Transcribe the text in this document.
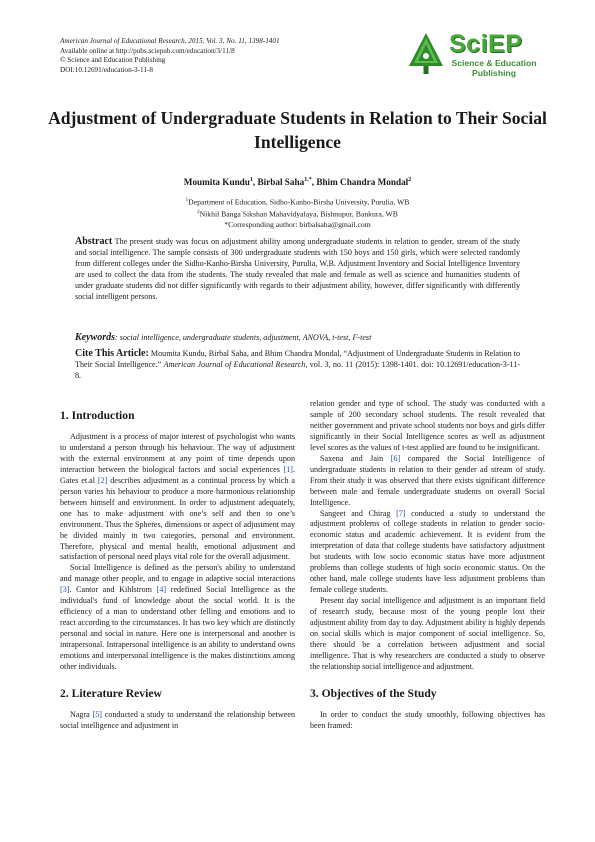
American Journal of Educational Research, 2015, Vol. 3, No. 11, 1398-1401
Available online at http://pubs.sciepub.com/education/3/11/8
© Science and Education Publishing
DOI:10.12691/education-3-11-8
SciEP
Science & Education
Publishing
Adjustment of Undergraduate Students in Relation to Their Social Intelligence
Moumita Kundu$^1$, Birbal Saha$^{1,*}$, Bhim Chandra Mondal$^2$
$^1$Department of Education, Sidho-Kanho-Birsha University, Purulia, WB
$^2$Nikhil Banga Sikshan Mahavidyalaya, Bishnupur, Bankura, WB
*Corresponding author: birbalsaha@gmail.com
Abstract The present study was focus on adjustment ability among undergraduate students in relation to gender, stream of the study and social intelligence. The sample consists of 300 undergraduate students with 150 boys and 150 girls, which were selected randomly from different colleges under the Sidho-Kanho-Birsha University, Purulia, W.B. Adjustment Inventory and Social Intelligence Inventory are used to collect the data from the students. The study revealed that male and female as well as science and humanities students of under graduate students did not differ significantly with regards to their adjustment ability, however, differ significantly with differently social intelligent persons.
Keywords: social intelligence, undergraduate students, adjustment, ANOVA, t-test, F-test
Cite This Article: Moumita Kundu, Birbal Saha, and Bhim Chandra Mondal, “Adjustment of Undergraduate Students in Relation to Their Social Intelligence.” American Journal of Educational Research, vol. 3, no. 11 (2015): 1398-1401. doi: 10.12691/education-3-11-8.
1. Introduction

Adjustment is a process of major interest of psychologist who wants to understand a person through his behaviour. The way of adjustment with the external environment at any point of time depends upon interaction between the biological factors and social experiences [1]. Gates et.al [2] describes adjustment as a continual process by which a person varies his behaviour to produce a more harmonious relationship between himself and environment. In order to adjustment adequately, one has to make adjustment with one’s self and then to one’s environment. Thus the Spheres, dimensions or aspect of adjustment may be divided mainly in two categories, personal and environment. Therefore, physical and mental health, emotional adjustment and satisfaction of personal need plays vital role for the overall adjustment.

Social Intelligence is defined as the person's ability to understand and manage other people, and to engage in adaptive social interactions [3]. Cantor and Kihlstrom [4] redefined Social Intelligence as the individual's fund of knowledge about the social world. It is the efficiency of a man to understand other felling and emotions and to react according to the circumstances. It has two key which are distinctly personal and social in nature. Here one is interpersonal and another is intrapersonal. Intrapersonal intelligence is an ability to understand owns emotions and interpersonal intelligence is the makes distinctions among other individuals.

2. Literature Review

Nagra [5] conducted a study to understand the relationship between social intelligence and adjustment in

relation gender and type of school. The study was conducted with a sample of 200 secondary school students. The result revealed that neither government and private school students nor boys and girls differ significantly in their Social Intelligence scores as well as adjustment level scores as the values of t-test applied are found to be insignificant.

Saxena and Jain [6] compared the Social Intelligence of undergraduate students in relation to their gender ad stream of study. From their study it was observed that there exists significant difference between male and female undergraduate students on overall Social Intelligence.

Sangeet and Chirag [7] conducted a study to understand the adjustment problems of college students in relation to gender socio-economic status and academic achievement. It is evident from the interpretation of data that college students have satisfactory adjustment but students with low socio economic status have more adjustment problems than college students of high socio economic status. On the other hand, male college students have less adjustment problems than female college students.

Present day social intelligence and adjustment is an important field of research study, because most of the young people lost their adjustment ability from day to day. Adjustment ability is highly depends on social skills which is major component of social intelligence. So, there should be a correlation between adjustment and social intelligence. That is why researchers are conducted a study to observe the relationship social intelligence and adjustment.

3. Objectives of the Study

In order to conduct the study smoothly, following objectives has been framed:
